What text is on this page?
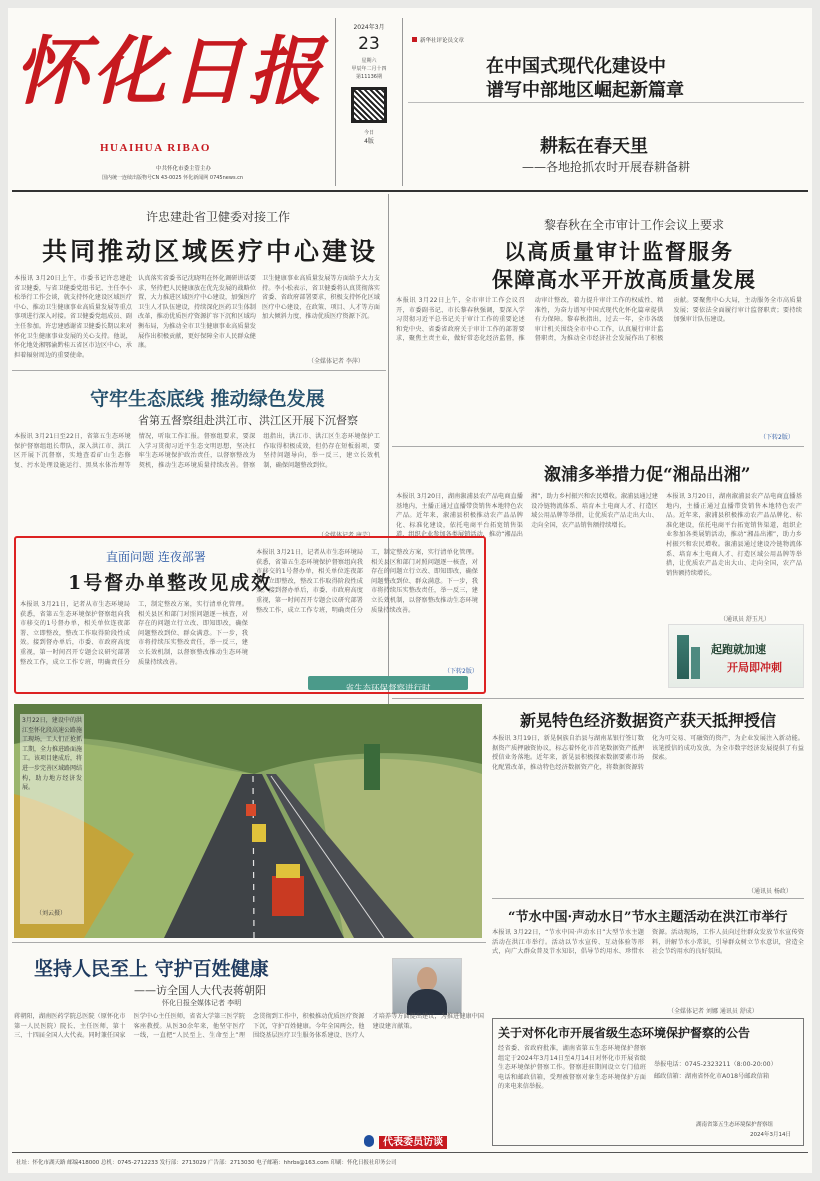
怀化日报
HUAIHUA RIBAO
中共怀化市委主管主办
国内统一连续出版物号CN 43-0025 怀化新闻网 0745news.cn
2024年3月
23
星期六
甲辰年二月十四
第11136期
今日
4版
新华社评论员文章
在中国式现代化建设中
谱写中部地区崛起新篇章
耕耘在春天里
——各地抢抓农时开展春耕备耕
许忠建赴省卫健委对接工作
共同推动区域医疗中心建设
本报讯 3月20日上午，市委书记许忠建赴省卫健委，与省卫健委党组书记、主任李小松举行工作会谈，就支持怀化建设区域医疗中心、推动卫生健康事业高质量发展等重点事项进行深入对接。省卫健委党组成员、副主任参加。许忠建感谢省卫健委长期以来对怀化卫生健康事业发展的关心支持。他说，怀化地处湘鄂渝黔桂五省区市边区中心，承担着辐射周边的重要使命。
认真落实省委书记沈晓明在怀化调研讲话要求，坚持把人民健康放在优先发展的战略位置，大力推进区域医疗中心建设，加强医疗卫生人才队伍建设，持续深化医药卫生体制改革，推动优质医疗资源扩容下沉和区域均衡布局，为推动全市卫生健康事业高质量发展作出积极贡献，更好保障全市人民群众健康。
卫生健康事业高质量发展等方面给予大力支持。李小松表示，省卫健委将认真贯彻落实省委、省政府部署要求，积极支持怀化区域医疗中心建设，在政策、项目、人才等方面加大倾斜力度，推动优质医疗资源下沉。
（全媒体记者 李萍）
黎春秋在全市审计工作会议上要求
以高质量审计监督服务
保障高水平开放高质量发展
本报讯 3月22日上午，全市审计工作会议召开，市委副书记、市长黎春秋强调，要深入学习贯彻习近平总书记关于审计工作的重要论述和党中央、省委省政府关于审计工作的部署要求，聚焦主责主业，做好常态化经济监督，推动审计整改，着力提升审计工作的权威性、精准性，为奋力谱写中国式现代化怀化篇章提供有力保障。黎春秋指出，过去一年，全市各级审计机关围绕全市中心工作，认真履行审计监督职责，为推动全市经济社会发展作出了积极贡献。要聚焦中心大局，主动服务全市高质量发展；要依法全面履行审计监督职责；要持续加强审计队伍建设。
（下转2版）
守牢生态底线 推动绿色发展
省第五督察组赴洪江市、洪江区开展下沉督察
本报讯 3月21日至22日，省第五生态环境保护督察组组长带队，深入洪江市、洪江区开展下沉督察，实地查看矿山生态修复、污水处理设施运行、黑臭水体治理等情况，听取工作汇报。督察组要求，要深入学习贯彻习近平生态文明思想，坚决扛牢生态环境保护政治责任，以督察整改为契机，推动生态环境质量持续改善。督察组指出，洪江市、洪江区生态环境保护工作取得积极成效，但仍存在短板弱项，要坚持问题导向，举一反三，建立长效机制，确保问题整改到位。
（全媒体记者 唐芸）
溆浦多举措力促“湘品出湘”
本报讯 3月20日，湖南溆浦县农产品电商直播基地内，主播正通过直播带货销售本地特色农产品。近年来，溆浦县积极推动农产品品牌化、标准化建设，依托电商平台拓宽销售渠道，组织企业参加各类展销活动，推动“湘品出湘”，助力乡村振兴和农民增收。溆浦县通过建设冷链物流体系、培育本土电商人才、打造区域公用品牌等举措，让优质农产品走出大山、走向全国，农产品销售额持续增长。
本报讯 3月20日，湖南溆浦县农产品电商直播基地内，主播正通过直播带货销售本地特色农产品。近年来，溆浦县积极推动农产品品牌化、标准化建设，依托电商平台拓宽销售渠道，组织企业参加各类展销活动，推动“湘品出湘”，助力乡村振兴和农民增收。溆浦县通过建设冷链物流体系、培育本土电商人才、打造区域公用品牌等举措，让优质农产品走出大山、走向全国，农产品销售额持续增长。
（通讯员 舒玉凡）
起跑就加速
开局即冲刺
直面问题 连夜部署
1号督办单整改见成效
本报讯 3月21日，记者从市生态环境局获悉，省第五生态环境保护督察组向我市移交的1号督办单，相关单位连夜部署、立即整改，整改工作取得阶段性成效。接到督办单后，市委、市政府高度重视，第一时间召开专题会议研究部署整改工作，成立工作专班，明确责任分工，制定整改方案，实行清单化管理。相关县区和部门对照问题逐一核查，对存在的问题立行立改、即知即改，确保问题整改到位、群众满意。下一步，我市将持续压实整改责任，举一反三，建立长效机制，以督察整改推动生态环境质量持续改善。
本报讯 3月21日，记者从市生态环境局获悉，省第五生态环境保护督察组向我市移交的1号督办单，相关单位连夜部署、立即整改，整改工作取得阶段性成效。接到督办单后，市委、市政府高度重视，第一时间召开专题会议研究部署整改工作，成立工作专班，明确责任分工，制定整改方案，实行清单化管理。相关县区和部门对照问题逐一核查，对存在的问题立行立改、即知即改，确保问题整改到位、群众满意。下一步，我市将持续压实整改责任，举一反三，建立长效机制，以督察整改推动生态环境质量持续改善。
（下转2版）
省生态环保督察进行时
3月22日，建设中的洪江至怀化段高速公路施工现场，工人们正抢抓工期，全力推进路面施工。该项目建成后，将进一步完善区域路网结构，助力地方经济发展。
（刘云摄）
新晃特色经济数据资产获天抵押授信
本报讯 3月19日，新晃侗族自治县与湖南某银行签订数据资产质押融资协议，标志着怀化市首笔数据资产抵押授信业务落地。近年来，新晃县积极探索数据要素市场化配置改革，推动特色经济数据资产化，将数据资源转化为可交易、可融资的资产，为企业发展注入新动能。该笔授信的成功发放，为全市数字经济发展提供了有益探索。
（通讯员 杨政）
“节水中国·声动水日”节水主题活动在洪江市举行
本报讯 3月22日，“节水中国·声动水日”大型节水主题活动在洪江市举行。活动以节水宣传、互动体验等形式，向广大群众普及节水知识，倡导节约用水、珍惜水资源。活动现场，工作人员向过往群众发放节水宣传资料，讲解节水小常识，引导群众树立节水意识，营造全社会节约用水的良好氛围。
（全媒体记者 刘娜 通讯员 舒成）
坚持人民至上 守护百姓健康
——访全国人大代表蒋朝阳
怀化日报全媒体记者 李明
蒋朝阳，湖南医药学院总医院（原怀化市第一人民医院）院长、主任医师，第十三、十四届全国人大代表。同时兼任国家医学中心主任医师，省省大学第三医学院客座教授。从医30余年来，他坚守医疗一线，一直把“人民至上、生命至上”理念贯彻到工作中，积极推动优质医疗资源下沉，守护百姓健康。今年全国两会，他围绕基层医疗卫生服务体系建设、医疗人才培养等方面提出建议，为推进健康中国建设建言献策。
代表委员访谈
关于对怀化市开展省级生态环境保护督察的公告
经省委、省政府批准，湖南省第五生态环境保护督察组定于2024年3月14日至4月14日对怀化市开展省级生态环境保护督察工作。督察进驻期间设立专门值班电话和邮政信箱，受理被督察对象生态环境保护方面的来电来信举报。
举报电话：0745-2323211（8:00-20:00）
邮政信箱：湖南省怀化市A018号邮政信箱
湖南省第五生态环境保护督察组
2024年3月14日
社址：怀化市湖天路 邮编418000 总机：0745-2712233 发行部：2713029 广告部：2713030 电子邮箱：hhrbs@163.com 印刷：怀化日报社印务公司
